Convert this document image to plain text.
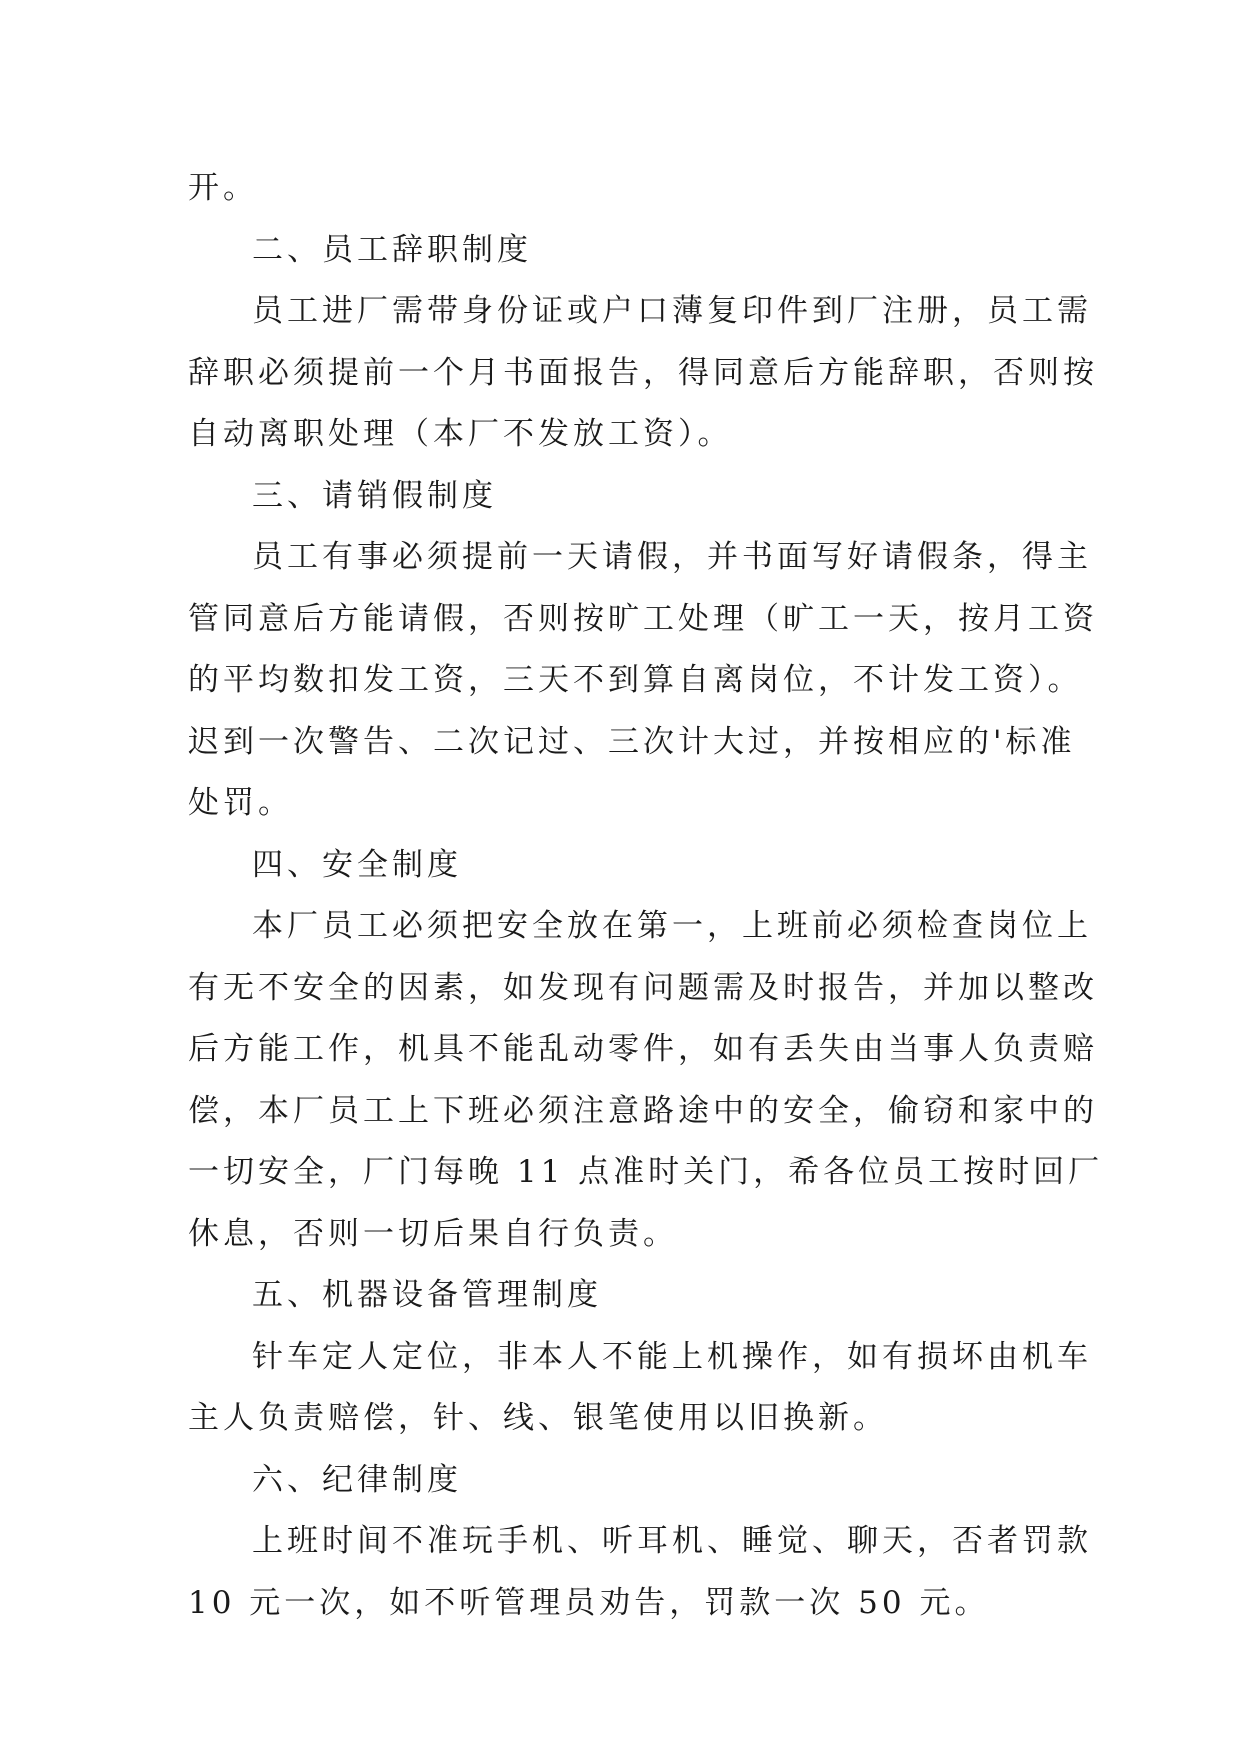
开。
二、员工辞职制度
员工进厂需带身份证或户口薄复印件到厂注册，员工需
辞职必须提前一个月书面报告，得同意后方能辞职，否则按
自动离职处理（本厂不发放工资）。
三、请销假制度
员工有事必须提前一天请假，并书面写好请假条，得主
管同意后方能请假，否则按旷工处理（旷工一天，按月工资
的平均数扣发工资，三天不到算自离岗位，不计发工资）。
迟到一次警告、二次记过、三次计大过，并按相应的'标准
处罚。
四、安全制度
本厂员工必须把安全放在第一，上班前必须检查岗位上
有无不安全的因素，如发现有问题需及时报告，并加以整改
后方能工作，机具不能乱动零件，如有丢失由当事人负责赔
偿，本厂员工上下班必须注意路途中的安全，偷窃和家中的
一切安全，厂门每晚 11 点准时关门，希各位员工按时回厂
休息，否则一切后果自行负责。
五、机器设备管理制度
针车定人定位，非本人不能上机操作，如有损坏由机车
主人负责赔偿，针、线、银笔使用以旧换新。
六、纪律制度
上班时间不准玩手机、听耳机、睡觉、聊天，否者罚款
10 元一次，如不听管理员劝告，罚款一次 50 元。
